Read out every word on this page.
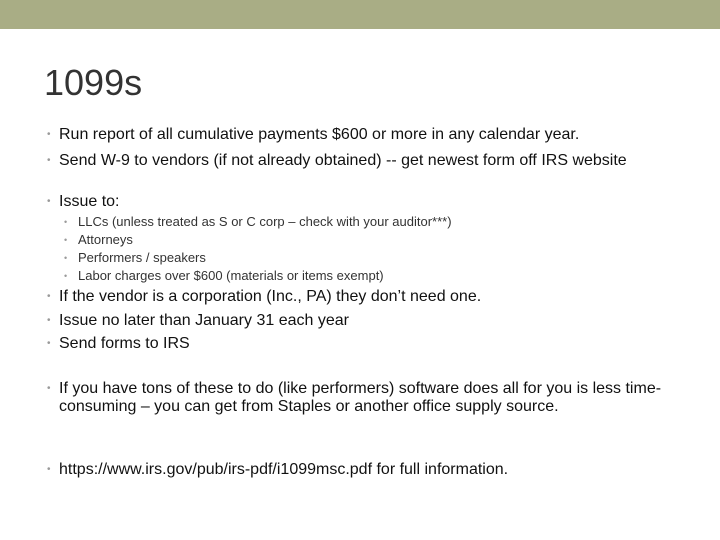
1099s
• Run report of all cumulative payments $600 or more in any calendar year.
• Send W-9 to vendors (if not already obtained) -- get newest form off IRS website
• Issue to:
• LLCs (unless treated as S or C corp – check with your auditor***)
• Attorneys
• Performers / speakers
• Labor charges over $600 (materials or items exempt)
• If the vendor is a corporation (Inc., PA) they don’t need one.
• Issue no later than January 31 each year
• Send forms to IRS
• If you have tons of these to do (like performers) software does all for you is less time-consuming – you can get from Staples or another office supply source.
• https://www.irs.gov/pub/irs-pdf/i1099msc.pdf for full information.
